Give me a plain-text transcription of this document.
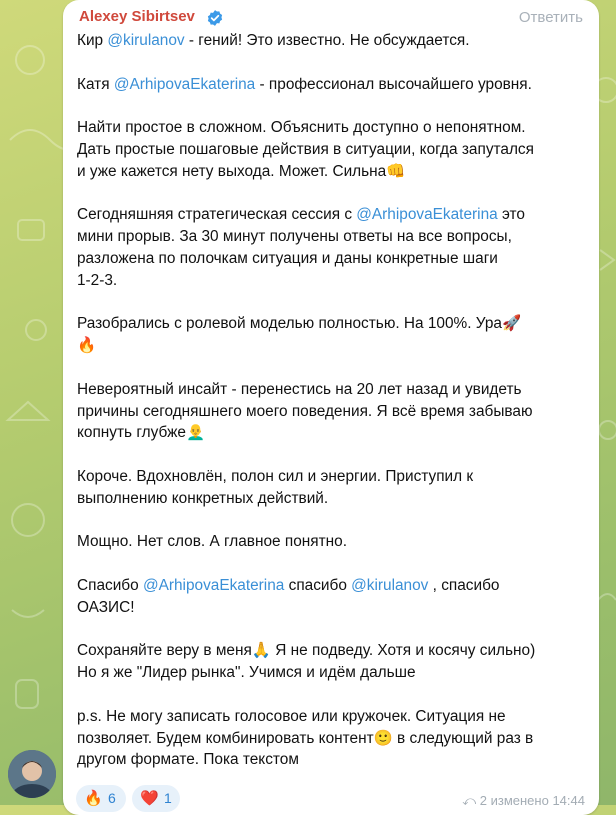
Alexey Sibirtsev	Ответить

Кир @kirulanov - гений! Это известно. Не обсуждается.

Катя @ArhipovaEkaterina - профессионал высочайшего уровня.

Найти простое в сложном. Объяснить доступно о непонятном.
Дать простые пошаговые действия в ситуации, когда запутался
и уже кажется нету выхода. Может. Сильна👊

Сегодняшняя стратегическая сессия с @ArhipovaEkaterina это
мини прорыв. За 30 минут получены ответы на все вопросы,
разложена по полочкам ситуация и даны конкретные шаги
1-2-3.

Разобрались с ролевой моделью полностью. На 100%. Ура🚀
🔥

Невероятный инсайт - перенестись на 20 лет назад и увидеть
причины сегодняшнего моего поведения. Я всё время забываю
копнуть глубже👨‍🦲

Короче. Вдохновлён, полон сил и энергии. Приступил к
выполнению конкретных действий.

Мощно. Нет слов. А главное понятно.

Спасибо @ArhipovaEkaterina спасибо @kirulanov , спасибо
ОАЗИС!

Сохраняйте веру в меня🙏 Я не подведу. Хотя и косячу сильно)
Но я же "Лидер рынка". Учимся и идём дальше

p.s. Не могу записать голосовое или кружочек. Ситуация не
позволяет. Будем комбинировать контент🙂 в следующий раз в
другом формате. Пока текстом

🔥 6 ❤️ 1	⤺ 2 изменено 14:44
